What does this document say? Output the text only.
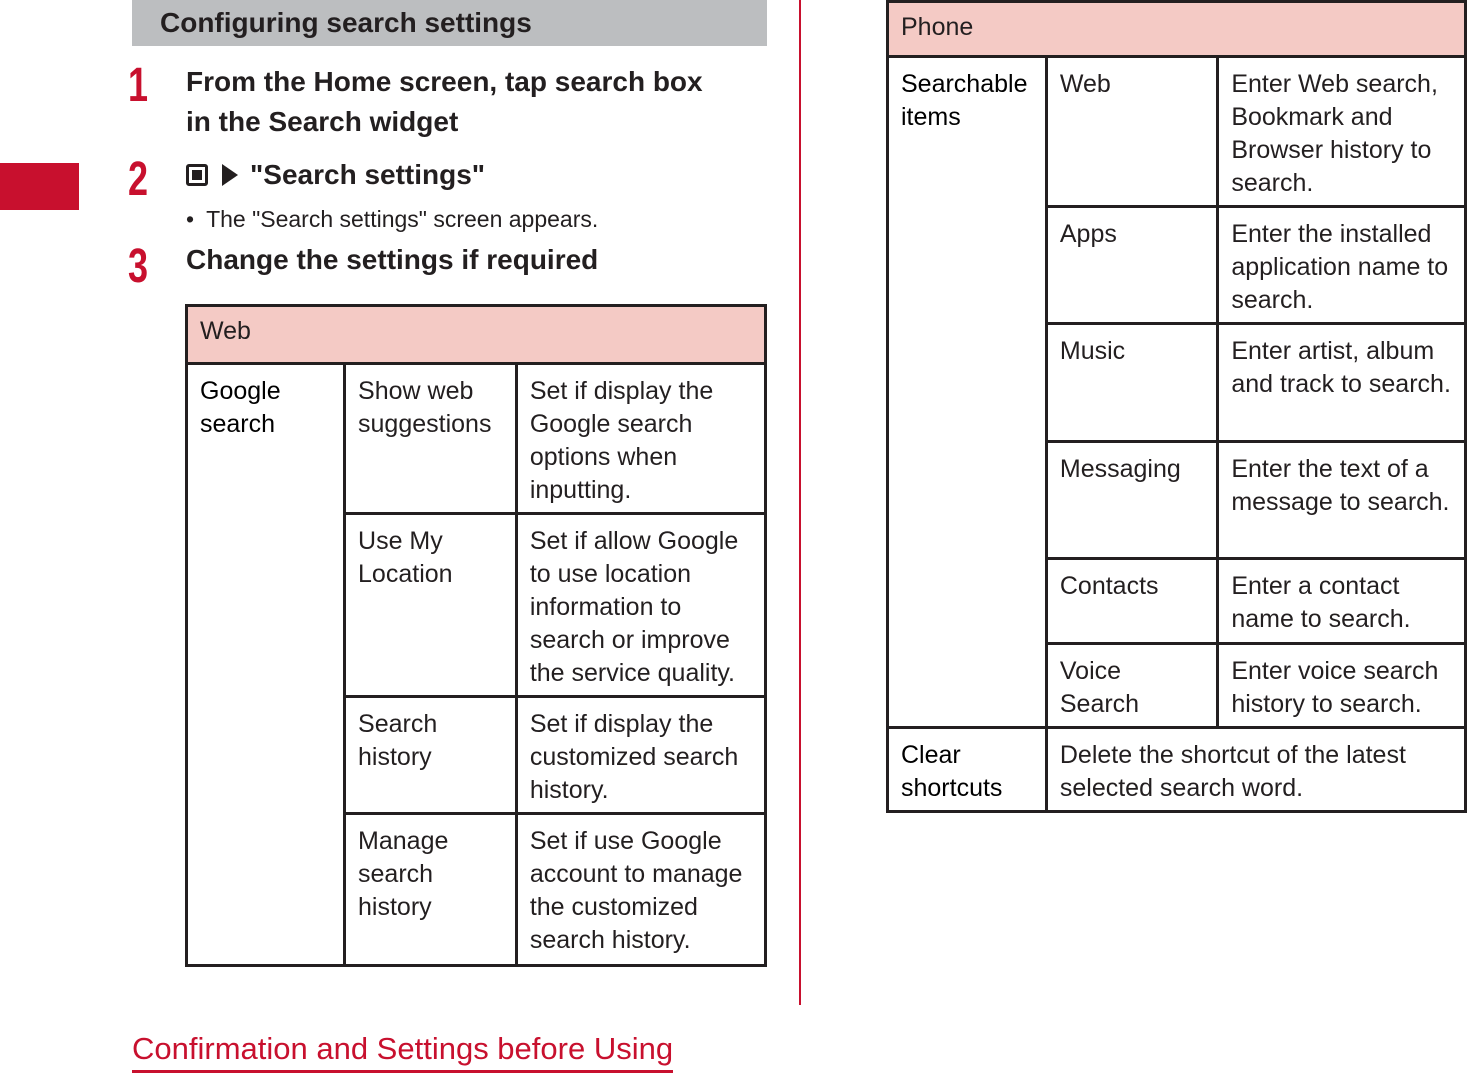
Configuring search settings
1 From the Home screen, tap search box
in the Search widget
2	"Search settings"
• The "Search settings" screen appears.
3 Change the settings if required
Web		
Google search	Show web suggestions	Set if display the Google search options when inputting.
	Use My Location	Set if allow Google to use location information to search or improve the service quality.
	Search history	Set if display the customized search history.
	Manage search history	Set if use Google account to manage the customized search history.
Phone		
Searchable items	Web	Enter Web search, Bookmark and Browser history to search.
	Apps	Enter the installed application name to search.
	Music	Enter artist, album and track to search.
	Messaging	Enter the text of a message to search.
	Contacts	Enter a contact name to search.
	Voice Search	Enter voice search history to search.
Clear shortcuts	Delete the shortcut of the latest selected search word.	
Confirmation and Settings before Using
